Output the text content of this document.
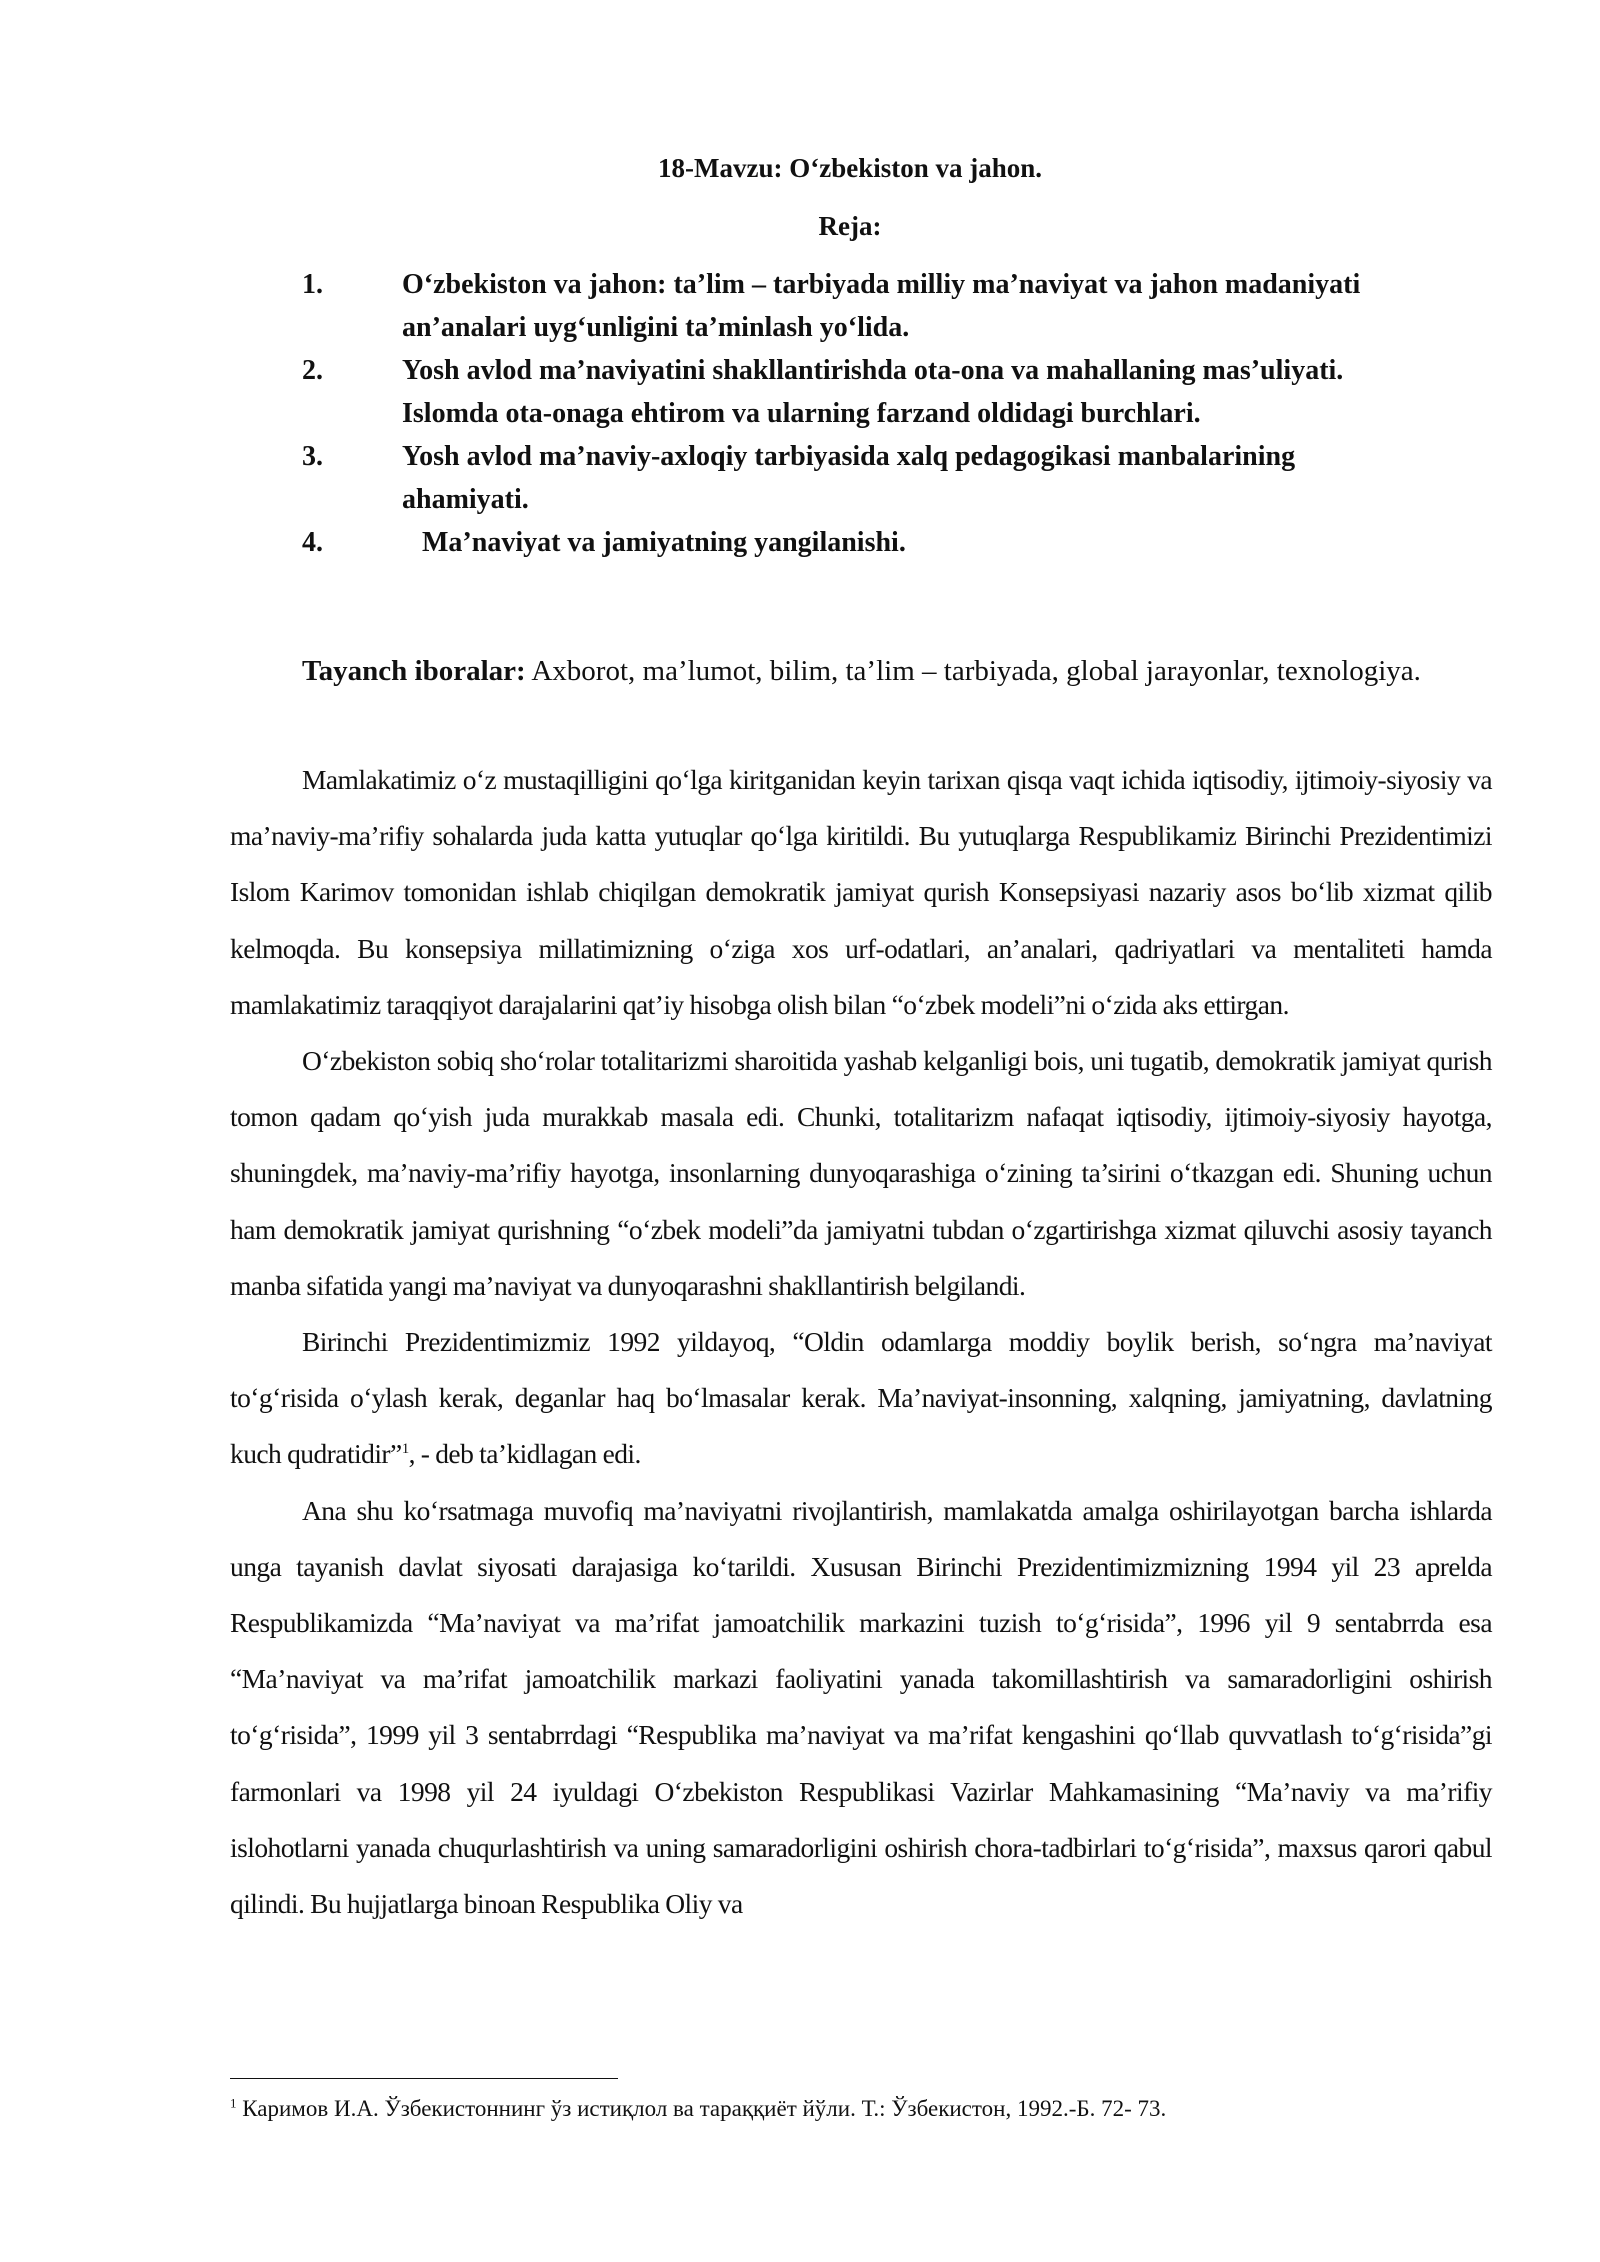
18-Mavzu: O‘zbekiston va jahon.
Reja:
1.	O‘zbekiston va jahon: ta’lim – tarbiyada milliy ma’naviyat va jahon madaniyati an’analari uyg‘unligini ta’minlash yo‘lida.
2.	Yosh avlod ma’naviyatini shakllantirishda ota-ona va mahallaning mas’uliyati. Islomda ota-onaga ehtirom va ularning farzand oldidagi burchlari.
3.	Yosh avlod ma’naviy-axloqiy tarbiyasida xalq pedagogikasi manbalarining ahamiyati.
4.	Ma’naviyat va jamiyatning yangilanishi.
Tayanch iboralar: Axborot, ma’lumot, bilim, ta’lim – tarbiyada, global jarayonlar, texnologiya.

Mamlakatimiz o‘z mustaqilligini qo‘lga kiritganidan keyin tarixan qisqa vaqt ichida iqtisodiy, ijtimoiy-siyosiy va ma’naviy-ma’rifiy sohalarda juda katta yutuqlar qo‘lga kiritildi. Bu yutuqlarga Respublikamiz Birinchi Prezidentimizi Islom Karimov tomonidan ishlab chiqilgan demokratik jamiyat qurish Konsepsiyasi nazariy asos bo‘lib xizmat qilib kelmoqda. Bu konsepsiya millatimizning o‘ziga xos urf-odatlari, an’analari, qadriyatlari va mentaliteti hamda mamlakatimiz taraqqiyot darajalarini qat’iy hisobga olish bilan “o‘zbek modeli”ni o‘zida aks ettirgan.

O‘zbekiston sobiq sho‘rolar totalitarizmi sharoitida yashab kelganligi bois, uni tugatib, demokratik jamiyat qurish tomon qadam qo‘yish juda murakkab masala edi. Chunki, totalitarizm nafaqat iqtisodiy, ijtimoiy-siyosiy hayotga, shuningdek, ma’naviy-ma’rifiy hayotga, insonlarning dunyoqarashiga o‘zining ta’sirini o‘tkazgan edi. Shuning uchun ham demokratik jamiyat qurishning “o‘zbek modeli”da jamiyatni tubdan o‘zgartirishga xizmat qiluvchi asosiy tayanch manba sifatida yangi ma’naviyat va dunyoqarashni shakllantirish belgilandi.

Birinchi Prezidentimizmiz 1992 yildayoq, “Oldin odamlarga moddiy boylik berish, so‘ngra ma’naviyat to‘g‘risida o‘ylash kerak, deganlar haq bo‘lmasalar kerak. Ma’naviyat-insonning, xalqning, jamiyatning, davlatning kuch qudratidir”$^1$, - deb ta’kidlagan edi.

Ana shu ko‘rsatmaga muvofiq ma’naviyatni rivojlantirish, mamlakatda amalga oshirilayotgan barcha ishlarda unga tayanish davlat siyosati darajasiga ko‘tarildi. Xususan Birinchi Prezidentimizmizning 1994 yil 23 aprelda Respublikamizda “Ma’naviyat va ma’rifat jamoatchilik markazini tuzish to‘g‘risida”, 1996 yil 9 sentabrrda esa “Ma’naviyat va ma’rifat jamoatchilik markazi faoliyatini yanada takomillashtirish va samaradorligini oshirish to‘g‘risida”, 1999 yil 3 sentabrrdagi “Respublika ma’naviyat va ma’rifat kengashini qo‘llab quvvatlash to‘g‘risida”gi farmonlari va 1998 yil 24 iyuldagi O‘zbekiston Respublikasi Vazirlar Mahkamasining “Ma’naviy va ma’rifiy islohotlarni yanada chuqurlashtirish va uning samaradorligini oshirish chora-tadbirlari to‘g‘risida”, maxsus qarori qabul qilindi. Bu hujjatlarga binoan Respublika Oliy va

$^1$ Каримов И.А. Ўзбекистоннинг ўз истиқлол ва тараққиёт йўли. Т.: Ўзбекистон, 1992.-Б. 72- 73.
